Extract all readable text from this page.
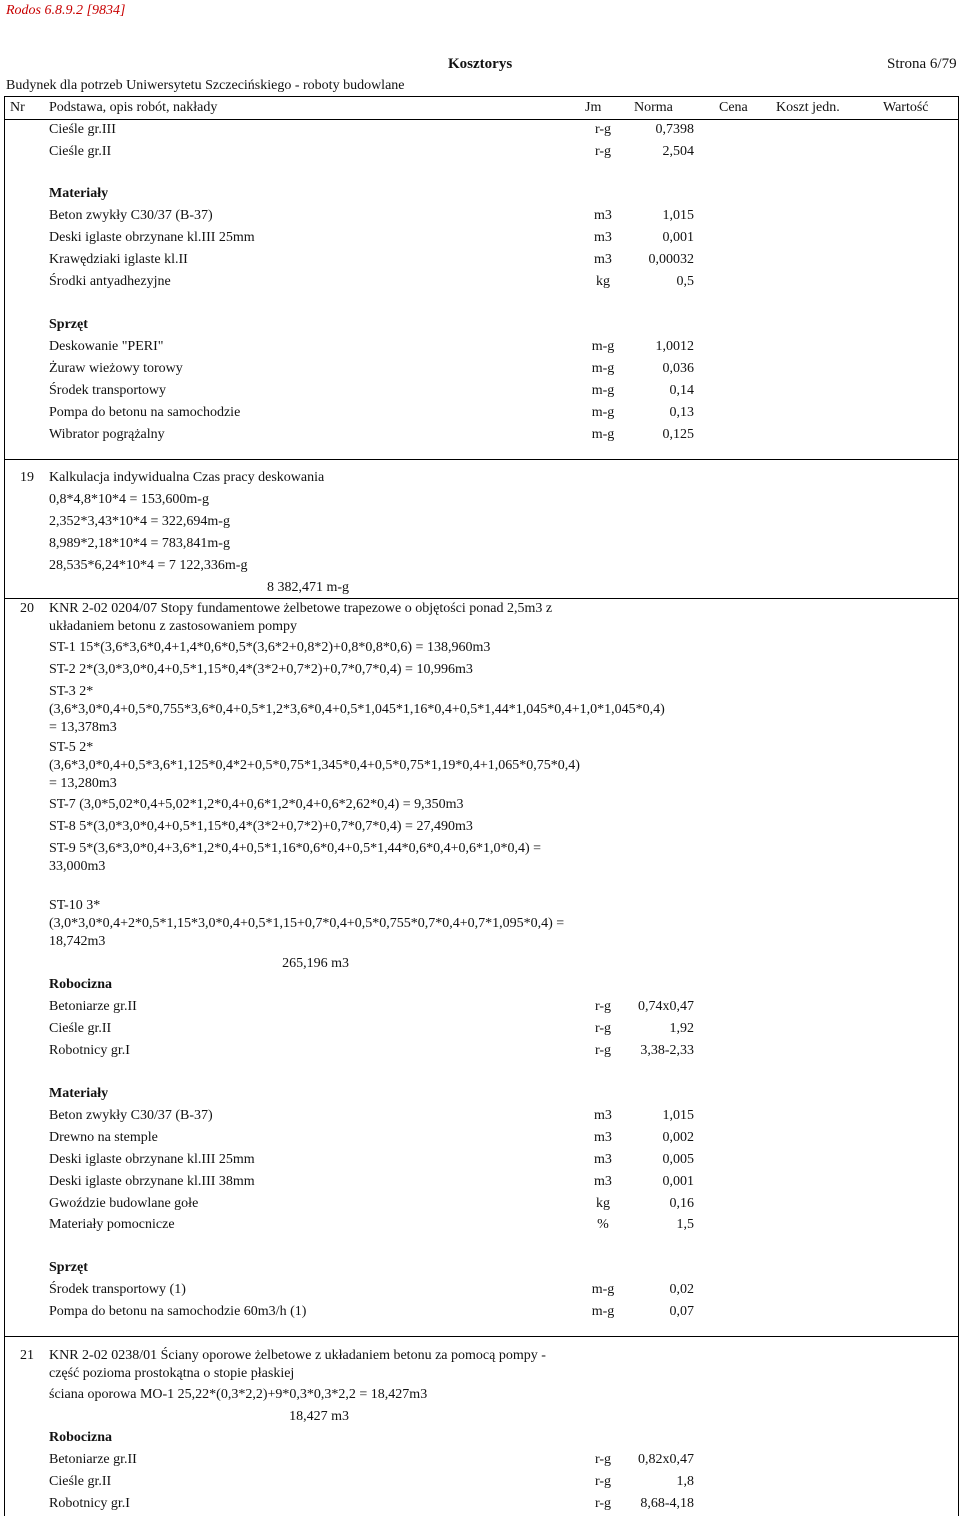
Rodos 6.8.9.2 [9834]
Kosztorys	Strona 6/79
Budynek dla potrzeb Uniwersytetu Szczecińskiego - roboty budowlane
Nr Podstawa, opis robót, nakłady	Jm Norma	Cena Koszt jedn.	Wartość
Cieśle gr.III	r-g	0,7398
Cieśle gr.II	r-g	2,504
Materiały
Beton zwykły C30/37 (B-37)	m3	1,015
Deski iglaste obrzynane kl.III 25mm	m3	0,001
Krawędziaki iglaste kl.II	m3	0,00032
Środki antyadhezyjne	kg	0,5
Sprzęt
Deskowanie "PERI"	m-g	1,0012
Żuraw wieżowy torowy	m-g	0,036
Środek transportowy	m-g	0,14
Pompa do betonu na samochodzie	m-g	0,13
Wibrator pogrążalny	m-g	0,125
19 Kalkulacja indywidualna Czas pracy deskowania
0,8*4,8*10*4 = 153,600m-g
2,352*3,43*10*4 = 322,694m-g
8,989*2,18*10*4 = 783,841m-g
28,535*6,24*10*4 = 7 122,336m-g
8 382,471 m-g
20 KNR 2-02 0204/07 Stopy fundamentowe żelbetowe trapezowe o objętości ponad 2,5m3 z układaniem betonu z zastosowaniem pompy
ST-1 15*(3,6*3,6*0,4+1,4*0,6*0,5*(3,6*2+0,8*2)+0,8*0,8*0,6) = 138,960m3
ST-2 2*(3,0*3,0*0,4+0,5*1,15*0,4*(3*2+0,7*2)+0,7*0,7*0,4) = 10,996m3
ST-3 2*(3,6*3,0*0,4+0,5*0,755*3,6*0,4+0,5*1,2*3,6*0,4+0,5*1,045*1,16*0,4+0,5*1,44*1,045*0,4+1,0*1,045*0,4) = 13,378m3
ST-5 2*(3,6*3,0*0,4+0,5*3,6*1,125*0,4*2+0,5*0,75*1,345*0,4+0,5*0,75*1,19*0,4+1,065*0,75*0,4) = 13,280m3
ST-7 (3,0*5,02*0,4+5,02*1,2*0,4+0,6*1,2*0,4+0,6*2,62*0,4) = 9,350m3
ST-8 5*(3,0*3,0*0,4+0,5*1,15*0,4*(3*2+0,7*2)+0,7*0,7*0,4) = 27,490m3
ST-9 5*(3,6*3,0*0,4+3,6*1,2*0,4+0,5*1,16*0,6*0,4+0,5*1,44*0,6*0,4+0,6*1,0*0,4) = 33,000m3
ST-10 3*(3,0*3,0*0,4+2*0,5*1,15*3,0*0,4+0,5*1,15+0,7*0,4+0,5*0,755*0,7*0,4+0,7*1,095*0,4) = 18,742m3
265,196 m3
Robocizna
Betoniarze gr.II	r-g	0,74x0,47
Cieśle gr.II	r-g	1,92
Robotnicy gr.I	r-g	3,38-2,33
Materiały
Beton zwykły C30/37 (B-37)	m3	1,015
Drewno na stemple	m3	0,002
Deski iglaste obrzynane kl.III 25mm	m3	0,005
Deski iglaste obrzynane kl.III 38mm	m3	0,001
Gwoździe budowlane gołe	kg	0,16
Materiały pomocnicze	%	1,5
Sprzęt
Środek transportowy (1)	m-g	0,02
Pompa do betonu na samochodzie 60m3/h (1)	m-g	0,07
21 KNR 2-02 0238/01 Ściany oporowe żelbetowe z układaniem betonu za pomocą pompy - część pozioma prostokątna o stopie płaskiej
ściana oporowa MO-1 25,22*(0,3*2,2)+9*0,3*0,3*2,2 = 18,427m3
18,427 m3
Robocizna
Betoniarze gr.II	r-g	0,82x0,47
Cieśle gr.II	r-g	1,8
Robotnicy gr.I	r-g	8,68-4,18
